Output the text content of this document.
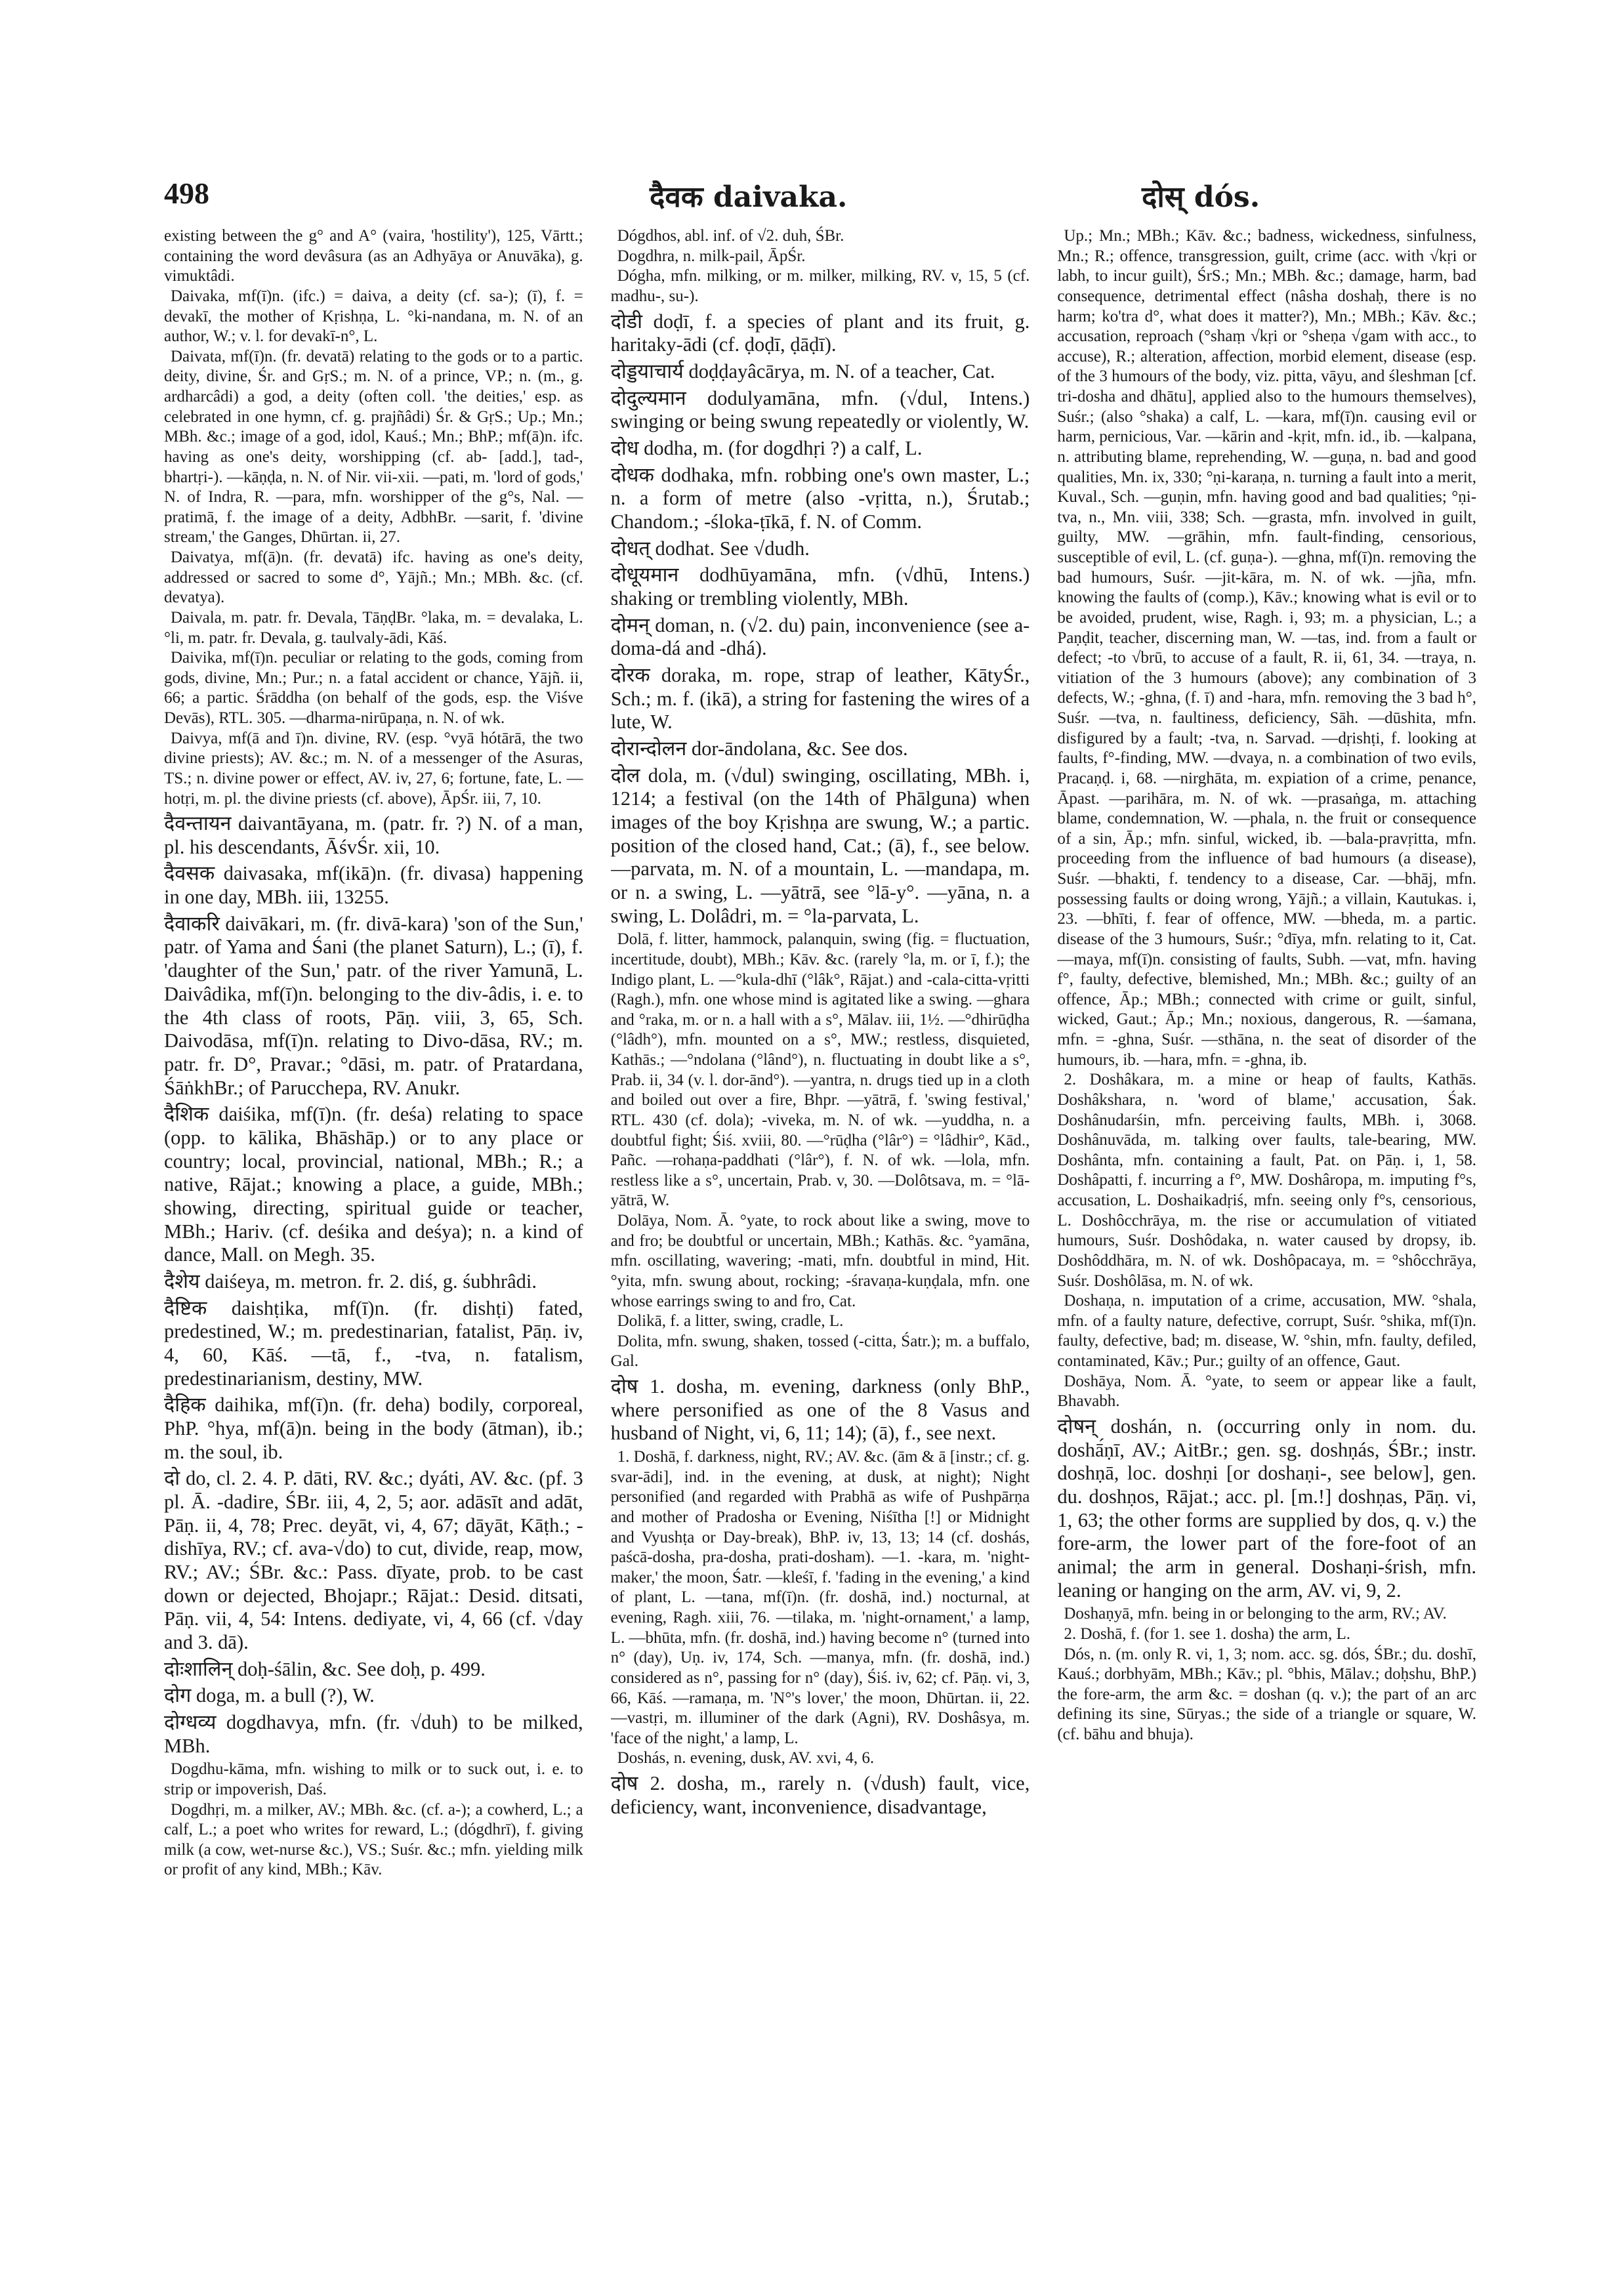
498	दैवक daivaka.	दोस् dós.

existing between the g° and A° (vaira, 'hostility'), 125, Vārtt.; containing the word devâsura (as an Adhyāya or Anuvāka), g. vimuktâdi.

Daivaka, mf(ī)n. (ifc.) = daiva, a deity (cf. sa-); (ī), f. = devakī, the mother of Kṛishṇa, L. °ki-nandana, m. N. of an author, W.; v. l. for devakī-n°, L.

Daivata, mf(ī)n. (fr. devatā) relating to the gods or to a partic. deity, divine, Śr. and GṛS.; m. N. of a prince, VP.; n. (m., g. ardharcâdi) a god, a deity (often coll. 'the deities,' esp. as celebrated in one hymn, cf. g. prajñâdi) Śr. & GṛS.; Up.; Mn.; MBh. &c.; image of a god, idol, Kauś.; Mn.; BhP.; mf(ā)n. ifc. having as one's deity, worshipping (cf. ab- [add.], tad-, bhartṛi-). —kāṇḍa, n. N. of Nir. vii-xii. —pati, m. 'lord of gods,' N. of Indra, R. —para, mfn. worshipper of the g°s, Nal. —pratimā, f. the image of a deity, AdbhBr. —sarit, f. 'divine stream,' the Ganges, Dhūrtan. ii, 27.

Daivatya, mf(ā)n. (fr. devatā) ifc. having as one's deity, addressed or sacred to some d°, Yājñ.; Mn.; MBh. &c. (cf. devatya).

Daivala, m. patr. fr. Devala, TāṇḍBr. °laka, m. = devalaka, L. °li, m. patr. fr. Devala, g. taulvaly-ādi, Kāś.

Daivika, mf(ī)n. peculiar or relating to the gods, coming from gods, divine, Mn.; Pur.; n. a fatal accident or chance, Yājñ. ii, 66; a partic. Śrāddha (on behalf of the gods, esp. the Viśve Devās), RTL. 305. —dharma-nirūpaṇa, n. N. of wk.

Daivya, mf(ā and ī)n. divine, RV. (esp. °vyā hótārā, the two divine priests); AV. &c.; m. N. of a messenger of the Asuras, TS.; n. divine power or effect, AV. iv, 27, 6; fortune, fate, L. —hotṛi, m. pl. the divine priests (cf. above), ĀpŚr. iii, 7, 10.

दैवन्तायन daivantāyana, m. (patr. fr. ?) N. of a man, pl. his descendants, ĀśvŚr. xii, 10.

दैवसक daivasaka, mf(ikā)n. (fr. divasa) happening in one day, MBh. iii, 13255.

दैवाकरि daivākari, m. (fr. divā-kara) 'son of the Sun,' patr. of Yama and Śani (the planet Saturn), L.; (ī), f. 'daughter of the Sun,' patr. of the river Yamunā, L. Daivâdika, mf(ī)n. belonging to the div-âdis, i. e. to the 4th class of roots, Pāṇ. viii, 3, 65, Sch. Daivodāsa, mf(ī)n. relating to Divo-dāsa, RV.; m. patr. fr. D°, Pravar.; °dāsi, m. patr. of Pratardana, ŚāṅkhBr.; of Parucchepa, RV. Anukr.

दैशिक daiśika, mf(ī)n. (fr. deśa) relating to space (opp. to kālika, Bhāshāp.) or to any place or country; local, provincial, national, MBh.; R.; a native, Rājat.; knowing a place, a guide, MBh.; showing, directing, spiritual guide or teacher, MBh.; Hariv. (cf. deśika and deśya); n. a kind of dance, Mall. on Megh. 35.

दैशेय daiśeya, m. metron. fr. 2. diś, g. śubhrâdi.

दैष्टिक daishṭika, mf(ī)n. (fr. dishṭi) fated, predestined, W.; m. predestinarian, fatalist, Pāṇ. iv, 4, 60, Kāś. —tā, f., -tva, n. fatalism, predestinarianism, destiny, MW.

दैहिक daihika, mf(ī)n. (fr. deha) bodily, corporeal, PhP. °hya, mf(ā)n. being in the body (ātman), ib.; m. the soul, ib.

दो do, cl. 2. 4. P. dāti, RV. &c.; dyáti, AV. &c. (pf. 3 pl. Ā. -dadire, ŚBr. iii, 4, 2, 5; aor. adāsīt and adāt, Pāṇ. ii, 4, 78; Prec. deyāt, vi, 4, 67; dāyāt, Kāṭh.; -dishīya, RV.; cf. ava-√do) to cut, divide, reap, mow, RV.; AV.; ŚBr. &c.: Pass. dīyate, prob. to be cast down or dejected, Bhojapr.; Rājat.: Desid. ditsati, Pāṇ. vii, 4, 54: Intens. dediyate, vi, 4, 66 (cf. √day and 3. dā).

दोःशालिन् doḥ-śālin, &c. See doḥ, p. 499.

दोग doga, m. a bull (?), W.

दोग्धव्य dogdhavya, mfn. (fr. √duh) to be milked, MBh.

Dogdhu-kāma, mfn. wishing to milk or to suck out, i. e. to strip or impoverish, Daś.

Dogdhṛi, m. a milker, AV.; MBh. &c. (cf. a-); a cowherd, L.; a calf, L.; a poet who writes for reward, L.; (dógdhrī), f. giving milk (a cow, wet-nurse &c.), VS.; Suśr. &c.; mfn. yielding milk or profit of any kind, MBh.; Kāv.

Dógdhos, abl. inf. of √2. duh, ŚBr.

Dogdhra, n. milk-pail, ĀpŚr.

Dógha, mfn. milking, or m. milker, milking, RV. v, 15, 5 (cf. madhu-, su-).

दोडी doḍī, f. a species of plant and its fruit, g. haritaky-ādi (cf. ḍoḍī, ḍāḍī).

दोड्डयाचार्य doḍḍayâcārya, m. N. of a teacher, Cat.

दोदुल्यमान dodulyamāna, mfn. (√dul, Intens.) swinging or being swung repeatedly or violently, W.

दोध dodha, m. (for dogdhṛi ?) a calf, L.

दोधक dodhaka, mfn. robbing one's own master, L.; n. a form of metre (also -vṛitta, n.), Śrutab.; Chandom.; -śloka-ṭīkā, f. N. of Comm.

दोधत् dodhat. See √dudh.

दोधूयमान dodhūyamāna, mfn. (√dhū, Intens.) shaking or trembling violently, MBh.

दोमन् doman, n. (√2. du) pain, inconvenience (see a-doma-dá and -dhá).

दोरक doraka, m. rope, strap of leather, KātyŚr., Sch.; m. f. (ikā), a string for fastening the wires of a lute, W.

दोरान्दोलन dor-āndolana, &c. See dos.

दोल dola, m. (√dul) swinging, oscillating, MBh. i, 1214; a festival (on the 14th of Phālguna) when images of the boy Kṛishṇa are swung, W.; a partic. position of the closed hand, Cat.; (ā), f., see below. —parvata, m. N. of a mountain, L. —mandapa, m. or n. a swing, L. —yātrā, see °lā-y°. —yāna, n. a swing, L. Dolâdri, m. = °la-parvata, L.

Dolā, f. litter, hammock, palanquin, swing (fig. = fluctuation, incertitude, doubt), MBh.; Kāv. &c. (rarely °la, m. or ī, f.); the Indigo plant, L. —°kula-dhī (°lâk°, Rājat.) and -cala-citta-vṛitti (Ragh.), mfn. one whose mind is agitated like a swing. —ghara and °raka, m. or n. a hall with a s°, Mālav. iii, 1½. —°dhirūḍha (°lâdh°), mfn. mounted on a s°, MW.; restless, disquieted, Kathās.; —°ndolana (°lând°), n. fluctuating in doubt like a s°, Prab. ii, 34 (v. l. dor-ānd°). —yantra, n. drugs tied up in a cloth and boiled out over a fire, Bhpr. —yātrā, f. 'swing festival,' RTL. 430 (cf. dola); -viveka, m. N. of wk. —yuddha, n. a doubtful fight; Śiś. xviii, 80. —°rūḍha (°lâr°) = °lâdhir°, Kād., Pañc. —rohaṇa-paddhati (°lâr°), f. N. of wk. —lola, mfn. restless like a s°, uncertain, Prab. v, 30. —Dolôtsava, m. = °lā-yātrā, W.

Dolāya, Nom. Ā. °yate, to rock about like a swing, move to and fro; be doubtful or uncertain, MBh.; Kathās. &c. °yamāna, mfn. oscillating, wavering; -mati, mfn. doubtful in mind, Hit. °yita, mfn. swung about, rocking; -śravaṇa-kuṇḍala, mfn. one whose earrings swing to and fro, Cat.

Dolikā, f. a litter, swing, cradle, L.

Dolita, mfn. swung, shaken, tossed (-citta, Śatr.); m. a buffalo, Gal.

दोष 1. dosha, m. evening, darkness (only BhP., where personified as one of the 8 Vasus and husband of Night, vi, 6, 11; 14); (ā), f., see next.

1. Doshā, f. darkness, night, RV.; AV. &c. (ām & ā [instr.; cf. g. svar-ādi], ind. in the evening, at dusk, at night); Night personified (and regarded with Prabhā as wife of Pushpārṇa and mother of Pradosha or Evening, Niśītha [!] or Midnight and Vyushṭa or Day-break), BhP. iv, 13, 13; 14 (cf. doshás, paścā-dosha, pra-dosha, prati-dosham). —1. -kara, m. 'night-maker,' the moon, Śatr. —kleśī, f. 'fading in the evening,' a kind of plant, L. —tana, mf(ī)n. (fr. doshā, ind.) nocturnal, at evening, Ragh. xiii, 76. —tilaka, m. 'night-ornament,' a lamp, L. —bhūta, mfn. (fr. doshā, ind.) having become n° (turned into n° (day), Uṇ. iv, 174, Sch. —manya, mfn. (fr. doshā, ind.) considered as n°, passing for n° (day), Śiś. iv, 62; cf. Pāṇ. vi, 3, 66, Kāś. —ramaṇa, m. 'N°'s lover,' the moon, Dhūrtan. ii, 22. —vastṛi, m. illuminer of the dark (Agni), RV. Doshâsya, m. 'face of the night,' a lamp, L.

Doshás, n. evening, dusk, AV. xvi, 4, 6.

दोष 2. dosha, m., rarely n. (√dush) fault, vice, deficiency, want, inconvenience, disadvantage,

Up.; Mn.; MBh.; Kāv. &c.; badness, wickedness, sinfulness, Mn.; R.; offence, transgression, guilt, crime (acc. with √kṛi or labh, to incur guilt), ŚrS.; Mn.; MBh. &c.; damage, harm, bad consequence, detrimental effect (nâsha doshaḥ, there is no harm; ko'tra d°, what does it matter?), Mn.; MBh.; Kāv. &c.; accusation, reproach (°shaṃ √kṛi or °sheṇa √gam with acc., to accuse), R.; alteration, affection, morbid element, disease (esp. of the 3 humours of the body, viz. pitta, vāyu, and śleshman [cf. tri-dosha and dhātu], applied also to the humours themselves), Suśr.; (also °shaka) a calf, L. —kara, mf(ī)n. causing evil or harm, pernicious, Var. —kārin and -kṛit, mfn. id., ib. —kalpana, n. attributing blame, reprehending, W. —guṇa, n. bad and good qualities, Mn. ix, 330; °ṇi-karaṇa, n. turning a fault into a merit, Kuval., Sch. —guṇin, mfn. having good and bad qualities; °ṇi-tva, n., Mn. viii, 338; Sch. —grasta, mfn. involved in guilt, guilty, MW. —grāhin, mfn. fault-finding, censorious, susceptible of evil, L. (cf. guṇa-). —ghna, mf(ī)n. removing the bad humours, Suśr. —jit-kāra, m. N. of wk. —jña, mfn. knowing the faults of (comp.), Kāv.; knowing what is evil or to be avoided, prudent, wise, Ragh. i, 93; m. a physician, L.; a Paṇḍit, teacher, discerning man, W. —tas, ind. from a fault or defect; -to √brū, to accuse of a fault, R. ii, 61, 34. —traya, n. vitiation of the 3 humours (above); any combination of 3 defects, W.; -ghna, (f. ī) and -hara, mfn. removing the 3 bad h°, Suśr. —tva, n. faultiness, deficiency, Sāh. —dūshita, mfn. disfigured by a fault; -tva, n. Sarvad. —dṛishṭi, f. looking at faults, f°-finding, MW. —dvaya, n. a combination of two evils, Pracaṇḍ. i, 68. —nirghāta, m. expiation of a crime, penance, Āpast. —parihāra, m. N. of wk. —prasaṅga, m. attaching blame, condemnation, W. —phala, n. the fruit or consequence of a sin, Āp.; mfn. sinful, wicked, ib. —bala-pravṛitta, mfn. proceeding from the influence of bad humours (a disease), Suśr. —bhakti, f. tendency to a disease, Car. —bhāj, mfn. possessing faults or doing wrong, Yājñ.; a villain, Kautukas. i, 23. —bhīti, f. fear of offence, MW. —bheda, m. a partic. disease of the 3 humours, Suśr.; °dīya, mfn. relating to it, Cat. —maya, mf(ī)n. consisting of faults, Subh. —vat, mfn. having f°, faulty, defective, blemished, Mn.; MBh. &c.; guilty of an offence, Āp.; MBh.; connected with crime or guilt, sinful, wicked, Gaut.; Āp.; Mn.; noxious, dangerous, R. —śamana, mfn. = -ghna, Suśr. —sthāna, n. the seat of disorder of the humours, ib. —hara, mfn. = -ghna, ib.

2. Doshâkara, m. a mine or heap of faults, Kathās. Doshâkshara, n. 'word of blame,' accusation, Śak. Doshânudarśin, mfn. perceiving faults, MBh. i, 3068. Doshânuvāda, m. talking over faults, tale-bearing, MW. Doshânta, mfn. containing a fault, Pat. on Pāṇ. i, 1, 58. Doshâpatti, f. incurring a f°, MW. Doshâropa, m. imputing f°s, accusation, L. Doshaikadṛiś, mfn. seeing only f°s, censorious, L. Doshôcchrāya, m. the rise or accumulation of vitiated humours, Suśr. Doshôdaka, n. water caused by dropsy, ib. Doshôddhāra, m. N. of wk. Doshôpacaya, m. = °shôcchrāya, Suśr. Doshôlāsa, m. N. of wk.

Doshaṇa, n. imputation of a crime, accusation, MW. °shala, mfn. of a faulty nature, defective, corrupt, Suśr. °shika, mf(ī)n. faulty, defective, bad; m. disease, W. °shin, mfn. faulty, defiled, contaminated, Kāv.; Pur.; guilty of an offence, Gaut.

Doshāya, Nom. Ā. °yate, to seem or appear like a fault, Bhavabh.

दोषन् doshán, n. (occurring only in nom. du. doshā́ṇī, AV.; AitBr.; gen. sg. doshṇás, ŚBr.; instr. doshṇā, loc. doshṇi [or doshaṇi-, see below], gen. du. doshṇos, Rājat.; acc. pl. [m.!] doshṇas, Pāṇ. vi, 1, 63; the other forms are supplied by dos, q. v.) the fore-arm, the lower part of the fore-foot of an animal; the arm in general. Doshaṇi-śrish, mfn. leaning or hanging on the arm, AV. vi, 9, 2.

Doshaṇyā, mfn. being in or belonging to the arm, RV.; AV.

2. Doshā, f. (for 1. see 1. dosha) the arm, L.

Dós, n. (m. only R. vi, 1, 3; nom. acc. sg. dós, ŚBr.; du. doshī, Kauś.; dorbhyām, MBh.; Kāv.; pl. °bhis, Mālav.; doḥshu, BhP.) the fore-arm, the arm &c. = doshan (q. v.); the part of an arc defining its sine, Sūryas.; the side of a triangle or square, W. (cf. bāhu and bhuja).
